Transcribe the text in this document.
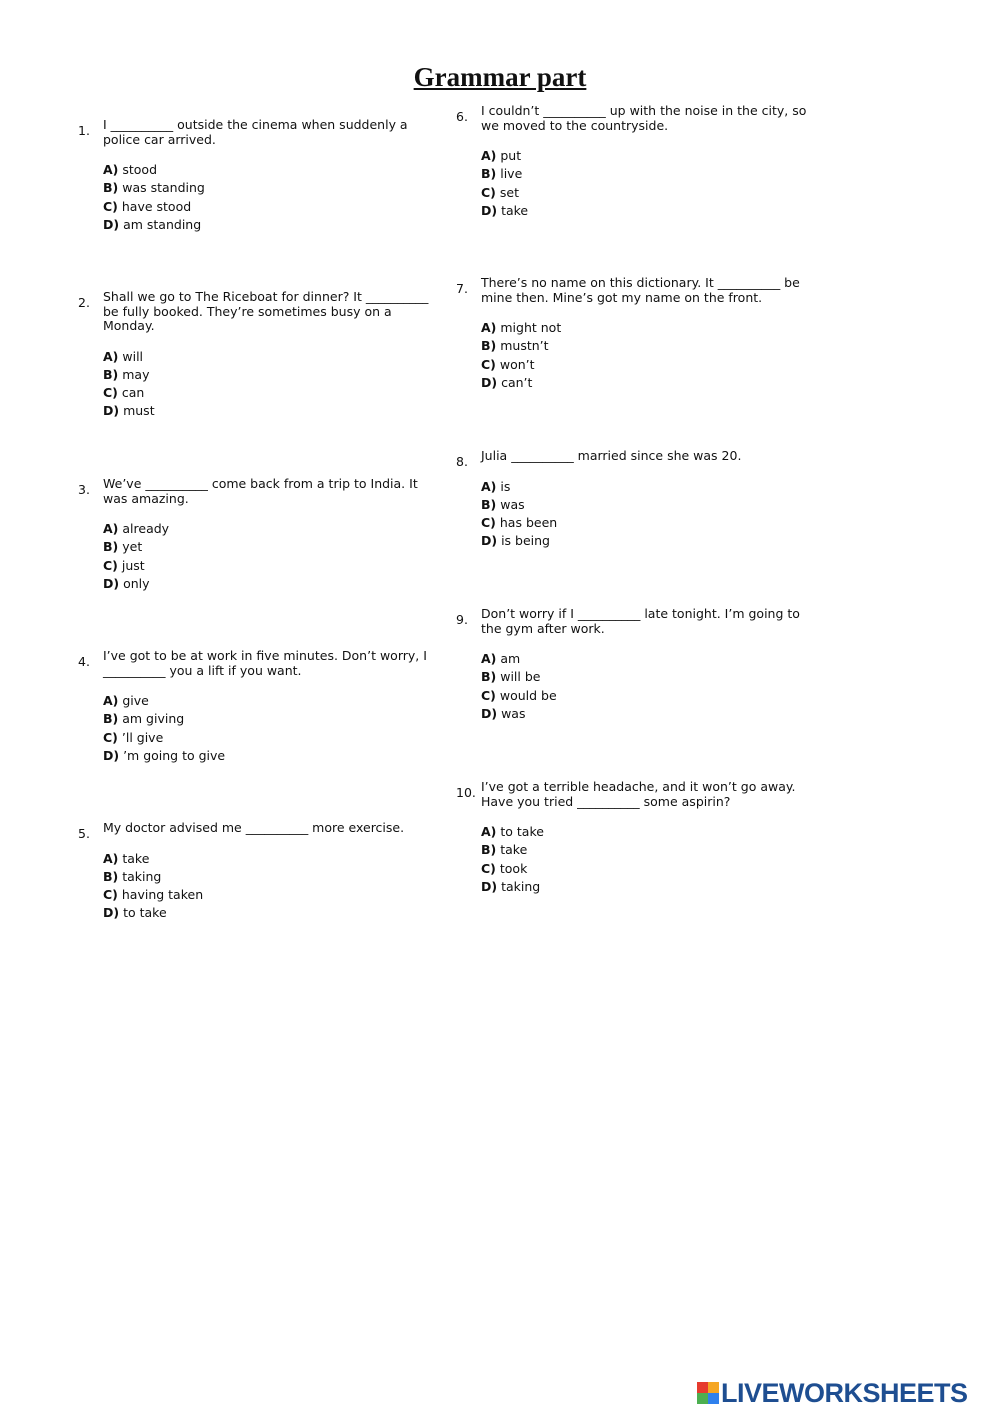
Grammar part
1. I __________ outside the cinema when suddenly a
police car arrived.

A) stood
B) was standing
C) have stood
D) am standing
2. Shall we go to The Riceboat for dinner? It __________
be fully booked. They’re sometimes busy on a
Monday.

A) will
B) may
C) can
D) must
3. We’ve __________ come back from a trip to India. It
was amazing.

A) already
B) yet
C) just
D) only
4. I’ve got to be at work in five minutes. Don’t worry, I
__________ you a lift if you want.

A) give
B) am giving
C) ’ll give
D) ’m going to give
5. My doctor advised me __________ more exercise.

A) take
B) taking
C) having taken
D) to take
6. I couldn’t __________ up with the noise in the city, so
we moved to the countryside.

A) put
B) live
C) set
D) take
7. There’s no name on this dictionary. It __________ be
mine then. Mine’s got my name on the front.

A) might not
B) mustn’t
C) won’t
D) can’t
8. Julia __________ married since she was 20.

A) is
B) was
C) has been
D) is being
9. Don’t worry if I __________ late tonight. I’m going to
the gym after work.

A) am
B) will be
C) would be
D) was
10. I’ve got a terrible headache, and it won’t go away.
Have you tried __________ some aspirin?

A) to take
B) take
C) took
D) taking
LIVEWORKSHEETS
